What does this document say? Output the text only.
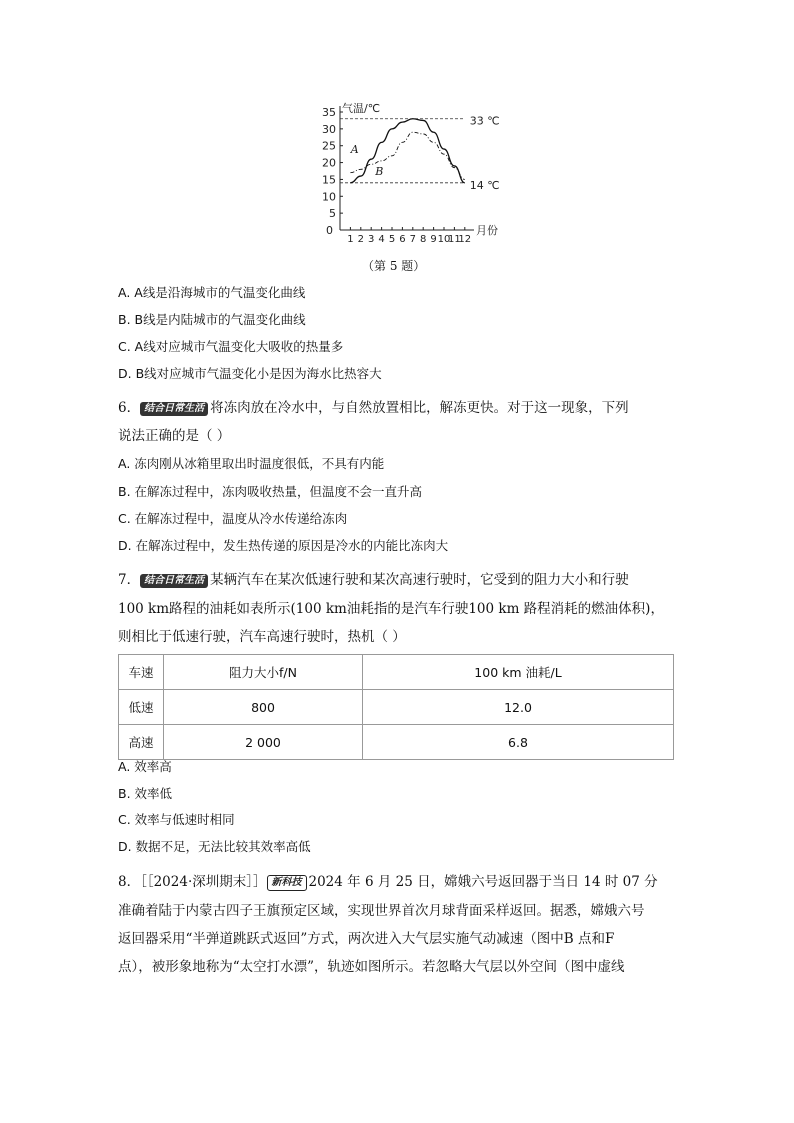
气温/℃
月份
0
5
10
15
20
25
30
35
1 2 3 4 5 6 7 8 9 10
11
12
33 ℃
14 ℃
A
B
（第 5 题）
A. A线是沿海城市的气温变化曲线
B. B线是内陆城市的气温变化曲线
C. A线对应城市气温变化大吸收的热量多
D. B线对应城市气温变化小是因为海水比热容大
6． 结合日常生活 将冻肉放在冷水中，与自然放置相比，解冻更快。对于这一现象，下列
说法正确的是（ ）
A. 冻肉刚从冰箱里取出时温度很低，不具有内能
B. 在解冻过程中，冻肉吸收热量，但温度不会一直升高
C. 在解冻过程中，温度从冷水传递给冻肉
D. 在解冻过程中，发生热传递的原因是冷水的内能比冻肉大
7． 结合日常生活 某辆汽车在某次低速行驶和某次高速行驶时，它受到的阻力大小和行驶
100 km路程的油耗如表所示(100 km油耗指的是汽车行驶100 km 路程消耗的燃油体积)，
则相比于低速行驶，汽车高速行驶时，热机（ ）
车速	阻力大小f/N	100 km 油耗/L
低速	800	12.0
高速	2 000	6.8
A. 效率高
B. 效率低
C. 效率与低速时相同
D. 数据不足，无法比较其效率高低
8．［［2024·深圳期末］］ 新科技 2024 年 6 月 25 日，嫦娥六号返回器于当日 14 时 07 分
准确着陆于内蒙古四子王旗预定区域，实现世界首次月球背面采样返回。据悉，嫦娥六号
返回器采用“半弹道跳跃式返回”方式，两次进入大气层实施气动减速（图中B 点和F
点），被形象地称为“太空打水漂”，轨迹如图所示。若忽略大气层以外空间（图中虚线
